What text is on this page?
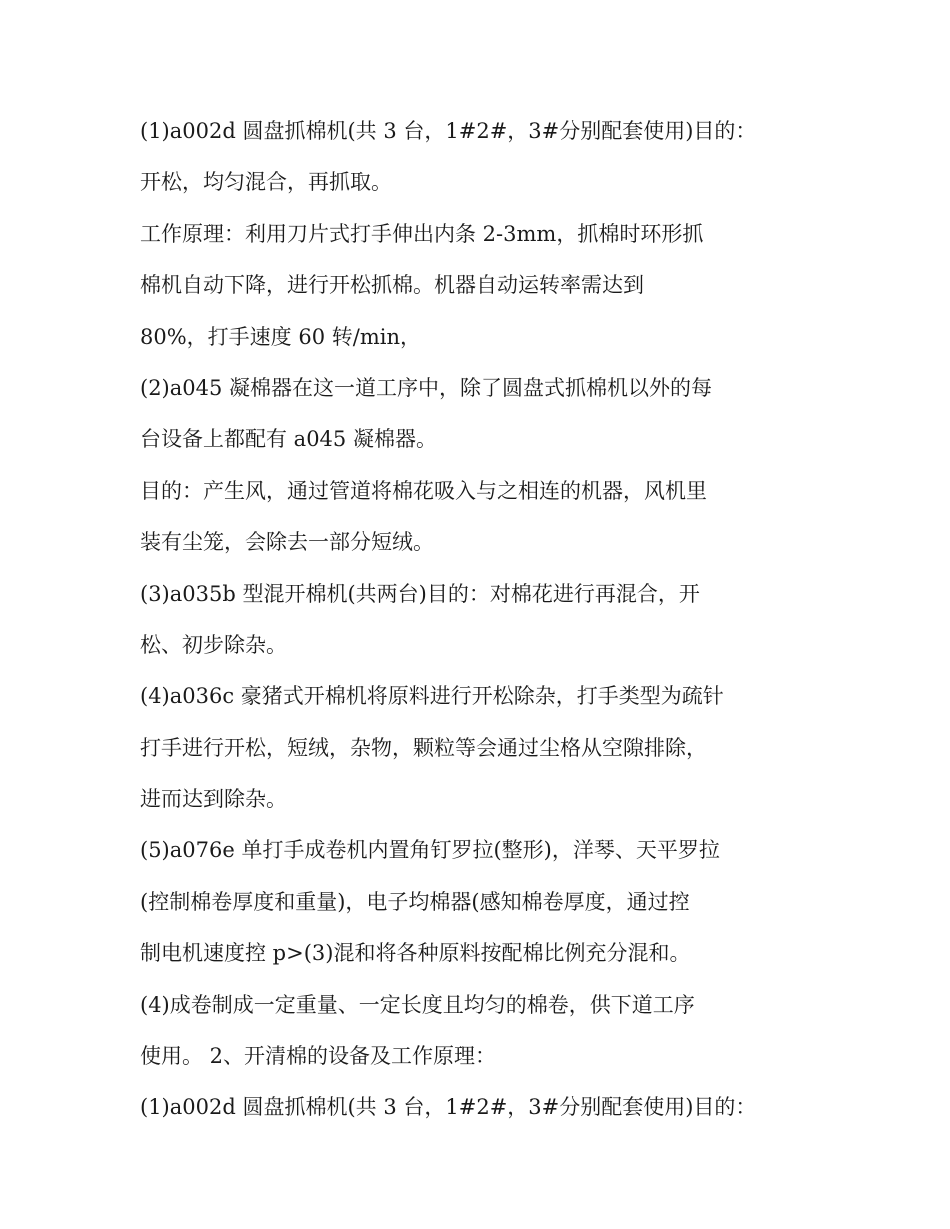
(1)a002d 圆盘抓棉机(共 3 台，1#2#，3#分别配套使用)目的：
开松，均匀混合，再抓取。
工作原理：利用刀片式打手伸出内条 2-3mm，抓棉时环形抓
棉机自动下降，进行开松抓棉。机器自动运转率需达到
80%，打手速度 60 转/min，
(2)a045 凝棉器在这一道工序中，除了圆盘式抓棉机以外的每
台设备上都配有 a045 凝棉器。
目的：产生风，通过管道将棉花吸入与之相连的机器，风机里
装有尘笼，会除去一部分短绒。
(3)a035b 型混开棉机(共两台)目的：对棉花进行再混合，开
松、初步除杂。
(4)a036c 豪猪式开棉机将原料进行开松除杂，打手类型为疏针
打手进行开松，短绒，杂物，颗粒等会通过尘格从空隙排除，
进而达到除杂。
(5)a076e 单打手成卷机内置角钉罗拉(整形)，洋琴、天平罗拉
(控制棉卷厚度和重量)，电子均棉器(感知棉卷厚度，通过控
制电机速度控 p>(3)混和将各种原料按配棉比例充分混和。
(4)成卷制成一定重量、一定长度且均匀的棉卷，供下道工序
使用。 2、开清棉的设备及工作原理：
(1)a002d 圆盘抓棉机(共 3 台，1#2#，3#分别配套使用)目的：
